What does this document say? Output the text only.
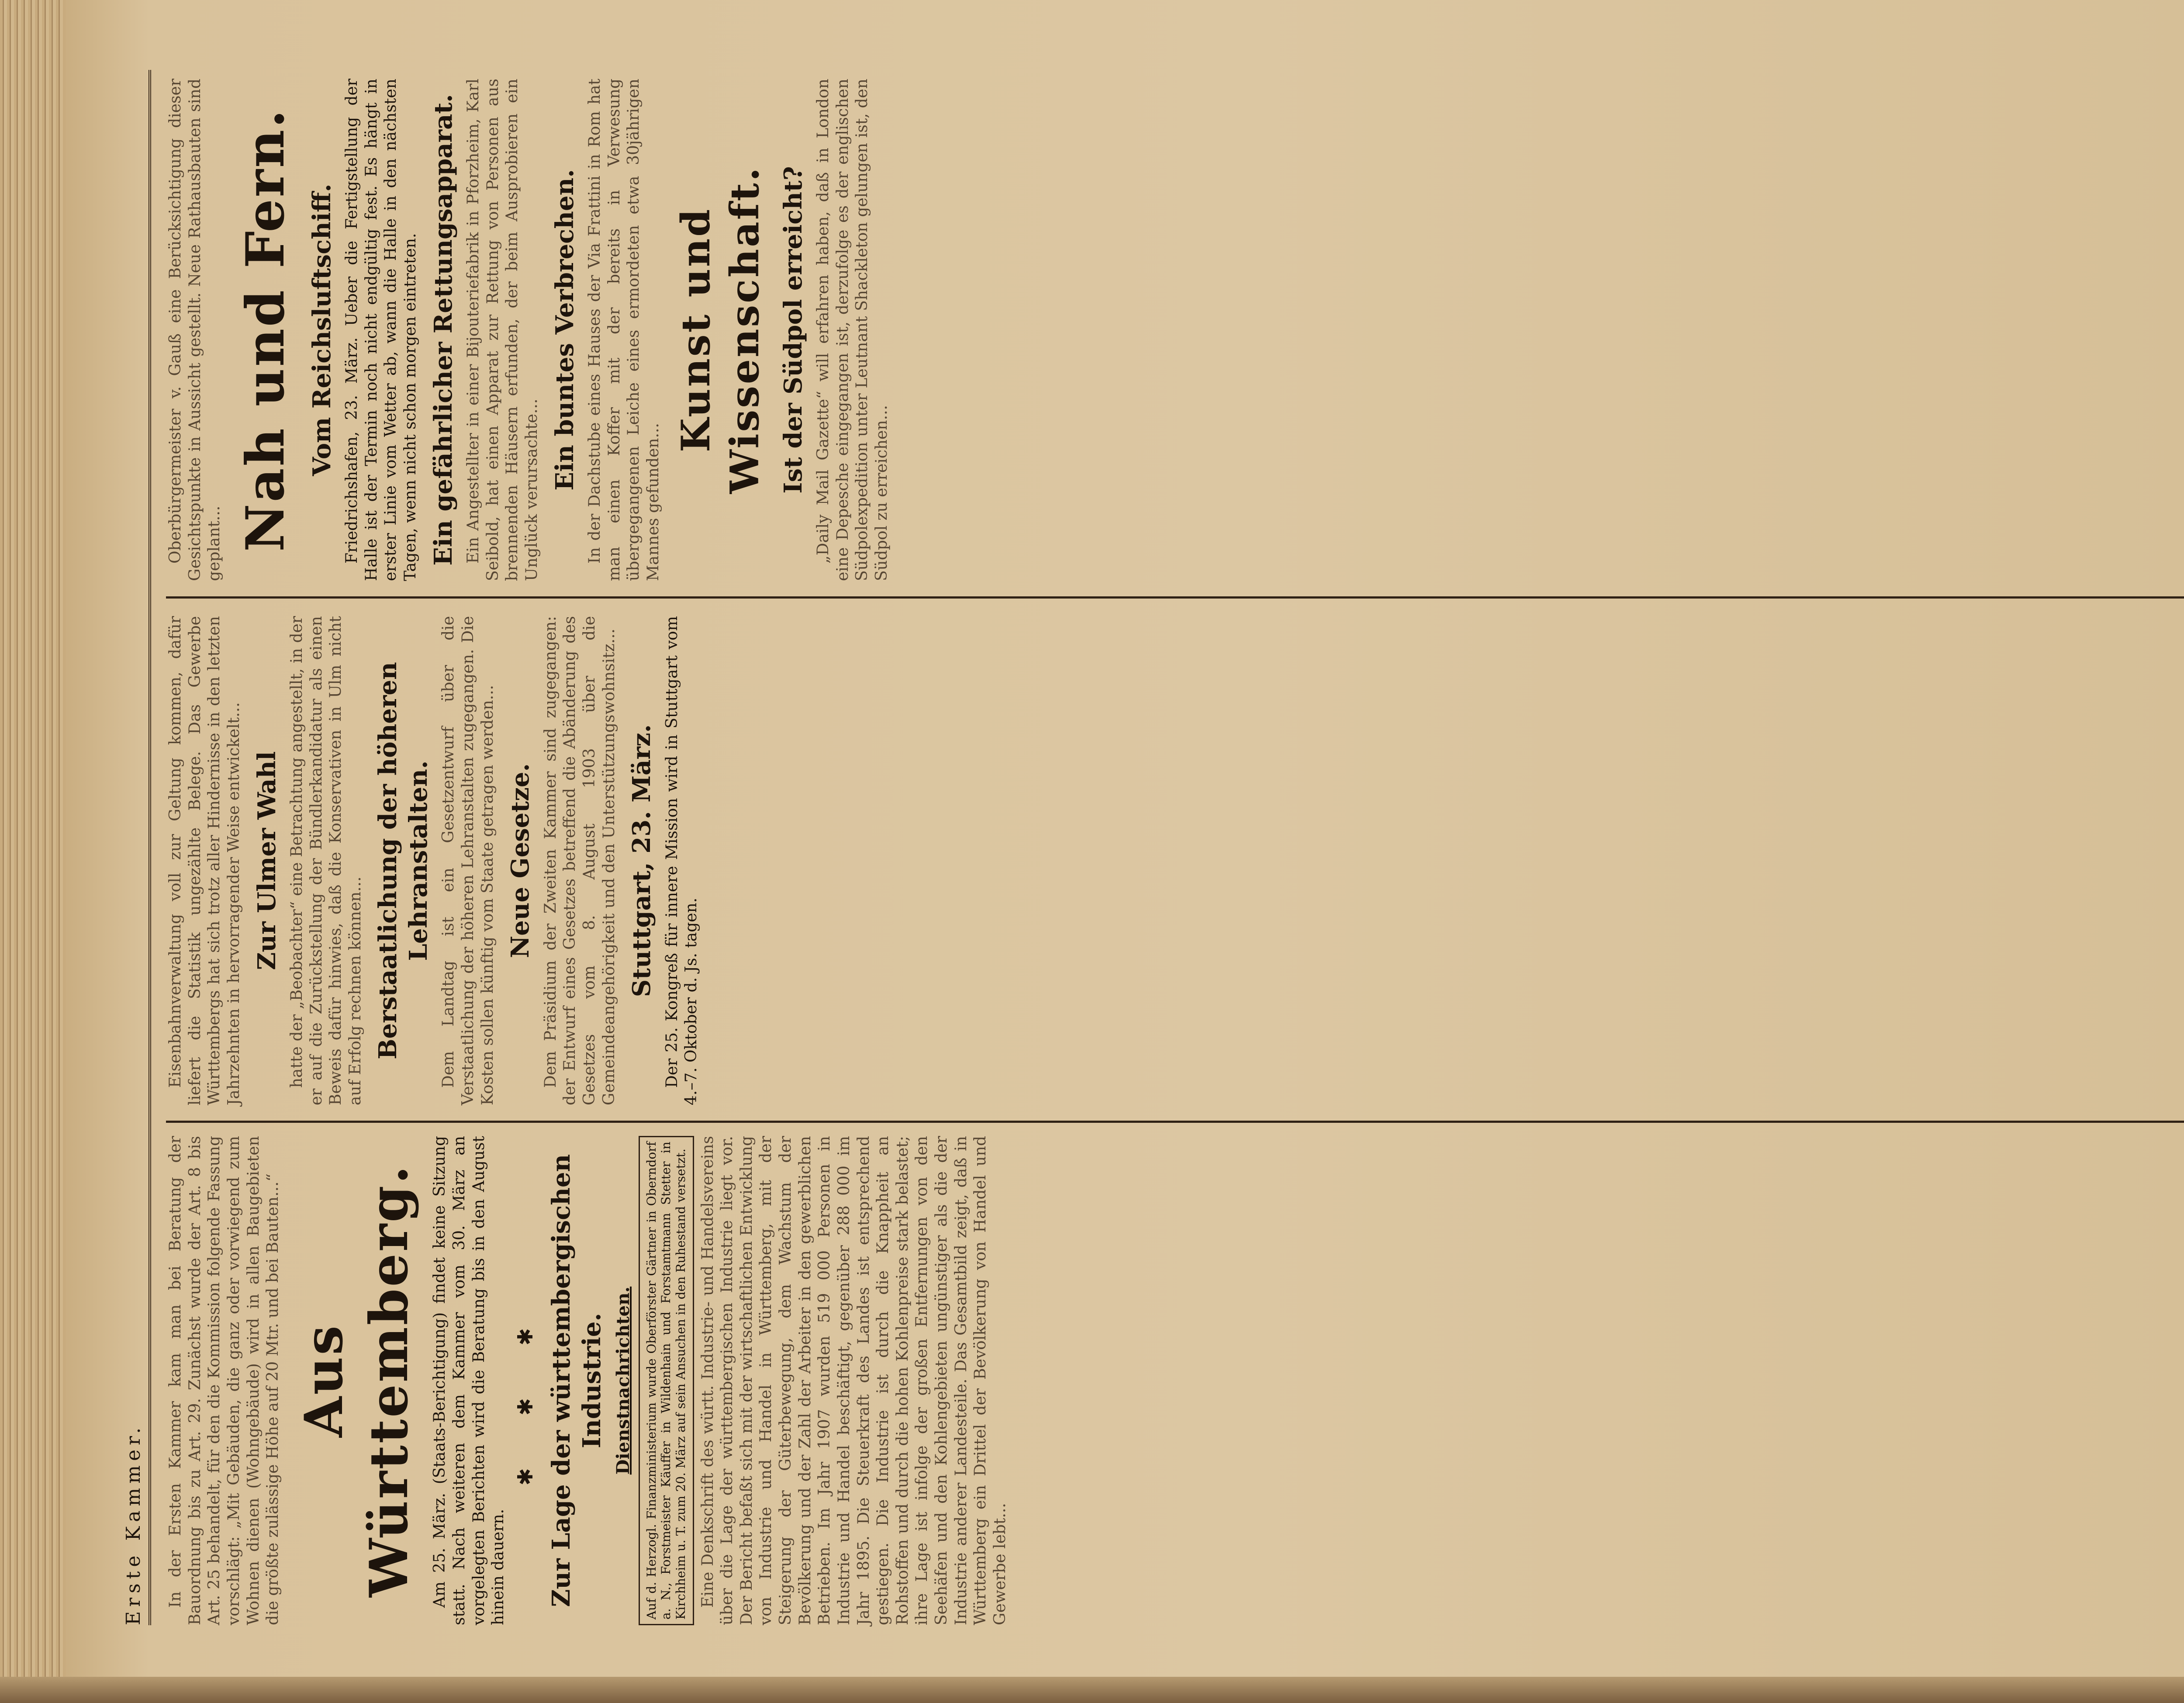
Erste Kammer. In der Ersten Kammer kam man bei Beratung der Bauordnung bis zu Art. 29. Zunächst wurde der Art. 8 bis Art. 25 behandelt, für den die Kommission folgende Fassung vorschlägt: „Mit Gebäuden, die ganz oder vorwiegend zum Wohnen dienen (Wohngebäude) wird in allen Baugebieten die größte zulässige Höhe auf 20 Mtr. und bei Bauten...“ Aus Württemberg. Am 25. März. (Staats-Berichtigung) findet keine Sitzung statt. Nach weiteren dem Kammer vom 30. März an vorgelegten Berichten wird die Beratung bis in den August hinein dauern.

✱✱✱ Zur Lage der württembergischen Industrie. Dienstnachrichten. Auf d. Herzogl. Finanzministerium wurde Oberförster Gärtner in Oberndorf a. N., Forstmeister Käuffer in Wildenhain und Forstamtmann Stetter in Kirchheim u. T. zum 20. März auf sein Ansuchen in den Ruhestand versetzt. Eine Denkschrift des württ. Industrie- und Handelsvereins über die Lage der württembergischen Industrie liegt vor. Der Bericht befaßt sich mit der wirtschaftlichen Entwicklung von Industrie und Handel in Württemberg, mit der Steigerung der Güterbewegung, dem Wachstum der Bevölkerung und der Zahl der Arbeiter in den gewerblichen Betrieben. Im Jahr 1907 wurden 519 000 Personen in Industrie und Handel beschäftigt, gegenüber 288 000 im Jahr 1895. Die Steuerkraft des Landes ist entsprechend gestiegen. Die Industrie ist durch die Knappheit an Rohstoffen und durch die hohen Kohlenpreise stark belastet; ihre Lage ist infolge der großen Entfernungen von den Seehäfen und den Kohlengebieten ungünstiger als die der Industrie anderer Landesteile. Das Gesamtbild zeigt, daß in Württemberg ein Drittel der Bevölkerung von Handel und Gewerbe lebt...

Eisenbahnverwaltung voll zur Geltung kommen, dafür liefert die Statistik ungezählte Belege. Das Gewerbe Württembergs hat sich trotz aller Hindernisse in den letzten Jahrzehnten in hervorragender Weise entwickelt... Zur Ulmer Wahl hatte der „Beobachter“ eine Betrachtung angestellt, in der er auf die Zurückstellung der Bündlerkandidatur als einen Beweis dafür hinwies, daß die Konservativen in Ulm nicht auf Erfolg rechnen können... Berstaatlichung der höheren Lehranstalten. Dem Landtag ist ein Gesetzentwurf über die Verstaatlichung der höheren Lehranstalten zugegangen. Die Kosten sollen künftig vom Staate getragen werden... Neue Gesetze. Dem Präsidium der Zweiten Kammer sind zugegangen: der Entwurf eines Gesetzes betreffend die Abänderung des Gesetzes vom 8. August 1903 über die Gemeindeangehörigkeit und den Unterstützungswohnsitz... Stuttgart, 23. März. Der 25. Kongreß für innere Mission wird in Stuttgart vom 4.–7. Oktober d. Js. tagen.

Oberbürgermeister v. Gauß eine Berücksichtigung dieser Gesichtspunkte in Aussicht gestellt. Neue Rathausbauten sind geplant... Nah und Fern. Vom Reichsluftschiff. Friedrichshafen, 23. März. Ueber die Fertigstellung der Halle ist der Termin noch nicht endgültig fest. Es hängt in erster Linie vom Wetter ab, wann die Halle in den nächsten Tagen, wenn nicht schon morgen eintreten. Ein gefährlicher Rettungsapparat. Ein Angestellter in einer Bijouteriefabrik in Pforzheim, Karl Seibold, hat einen Apparat zur Rettung von Personen aus brennenden Häusern erfunden, der beim Ausprobieren ein Unglück verursachte... Ein buntes Verbrechen. In der Dachstube eines Hauses der Via Frattini in Rom hat man einen Koffer mit der bereits in Verwesung übergegangenen Leiche eines ermordeten etwa 30jährigen Mannes gefunden...

Kunst und Wissenschaft. Ist der Südpol erreicht? „Daily Mail Gazette“ will erfahren haben, daß in London eine Depesche eingegangen ist, derzufolge es der englischen Südpolexpedition unter Leutnant Shackleton gelungen ist, den Südpol zu erreichen...
